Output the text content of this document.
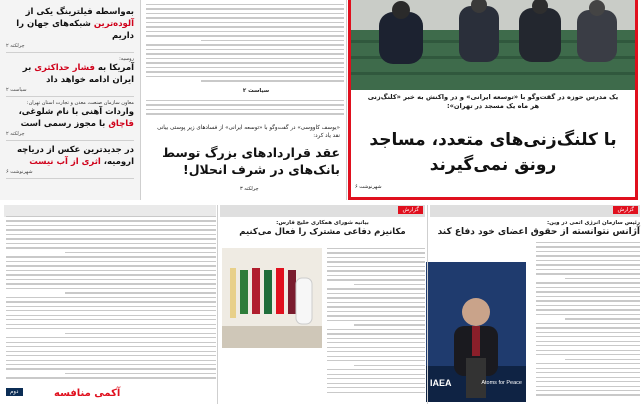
به‌واسطه فیلترینگ یکی از آلوده‌ترین شبکه‌های جهان را داریم
چرلکته ۲
روسیه:
آمریکا به فشار حداکثری بر ایران ادامه خواهد داد
سیاست ۲
معاون سازمان صنعت، معدن و تجارت استان تهران:
واردات آهنی با نام شلوغی، قاچاق با مجوز رسمی است
چرلکته ۲
در جدیدترین عکس از دریاچه ارومیه، اثری از آب نیست
شهرنوشت ۶
سیاست ۲
«یوسف کاووسی» در گفت‌وگو با «توسعه ایرانی» از فسادهای زیر پوستی بیانی نقد یاد کرد:
عقد قراردادهای بزرگ توسط بانک‌های در شرف انحلال!
چرلکته ۳
یک مدرس حوزه در گفت‌وگو با «توسعه ایرانی» و در واکنش به خبر «کلنگ‌زنی هر ماه یک مسجد در تهران»:
با کلنگ‌زنی‌های متعدد، مساجد رونق نمی‌گیرند
شهرنوشت ۶
گزارش
گزارش
رئیس سازمان انرژی اتمی در وین:
آژانس نتوانسته از حقوق اعضای خود دفاع کند
IAEA	Atoms for Peace
بیانیه شورای همکاری خلیج فارس:
مکانیزم دفاعی مشترک را فعال می‌کنیم
دوم	آکمی منافسه
